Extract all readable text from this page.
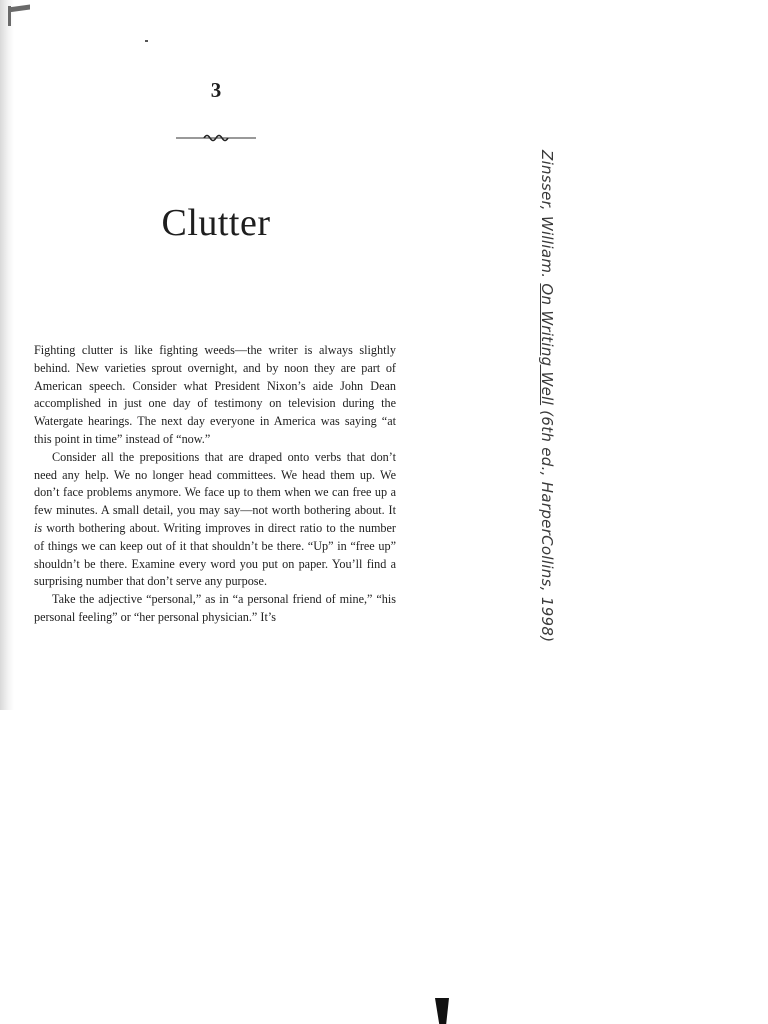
3
Clutter

Fighting clutter is like fighting weeds—the writer is always slightly behind. New varieties sprout overnight, and by noon they are part of American speech. Consider what President Nixon’s aide John Dean accomplished in just one day of testimony on television during the Watergate hearings. The next day everyone in America was saying “at this point in time” instead of “now.”

Consider all the prepositions that are draped onto verbs that don’t need any help. We no longer head committees. We head them up. We don’t face problems anymore. We face up to them when we can free up a few minutes. A small detail, you may say—not worth bothering about. It is worth bothering about. Writing improves in direct ratio to the number of things we can keep out of it that shouldn’t be there. “Up” in “free up” shouldn’t be there. Examine every word you put on paper. You’ll find a surprising number that don’t serve any purpose.

Take the adjective “personal,” as in “a personal friend of mine,” “his personal feeling” or “her personal physician.” It’s

Zinsser, William. On Writing Well (6th ed., HarperCollins, 1998)
